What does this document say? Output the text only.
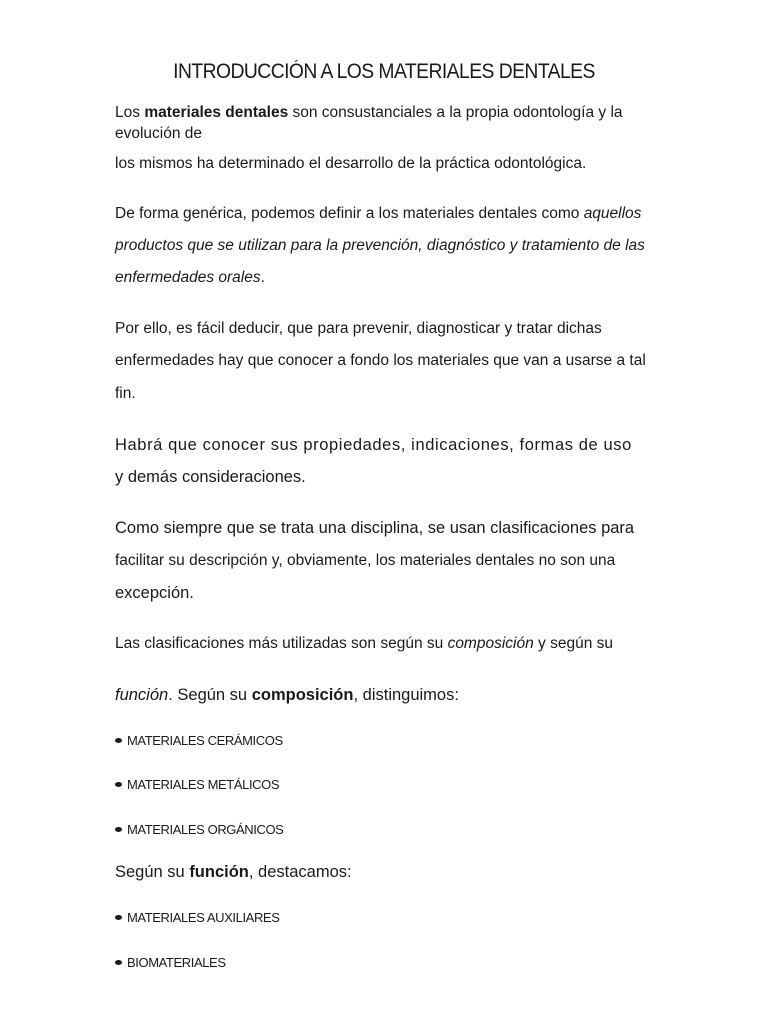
INTRODUCCIÓN A LOS MATERIALES DENTALES
Los materiales dentales son consustanciales a la propia odontología y la
evolución de
los mismos ha determinado el desarrollo de la práctica odontológica.
De forma genérica, podemos definir a los materiales dentales como aquellos
productos que se utilizan para la prevención, diagnóstico y tratamiento de las
enfermedades orales.
Por ello, es fácil deducir, que para prevenir, diagnosticar y tratar dichas
enfermedades hay que conocer a fondo los materiales que van a usarse a tal
fin.
Habrá que conocer sus propiedades, indicaciones, formas de uso
y demás consideraciones.
Como siempre que se trata una disciplina, se usan clasificaciones para
facilitar su descripción y, obviamente, los materiales dentales no son una
excepción.
Las clasificaciones más utilizadas son según su composición y según su
función. Según su composición, distinguimos:
MATERIALES CERÁMICOS
MATERIALES METÁLICOS
MATERIALES ORGÁNICOS
Según su función, destacamos:
MATERIALES AUXILIARES
BIOMATERIALES
